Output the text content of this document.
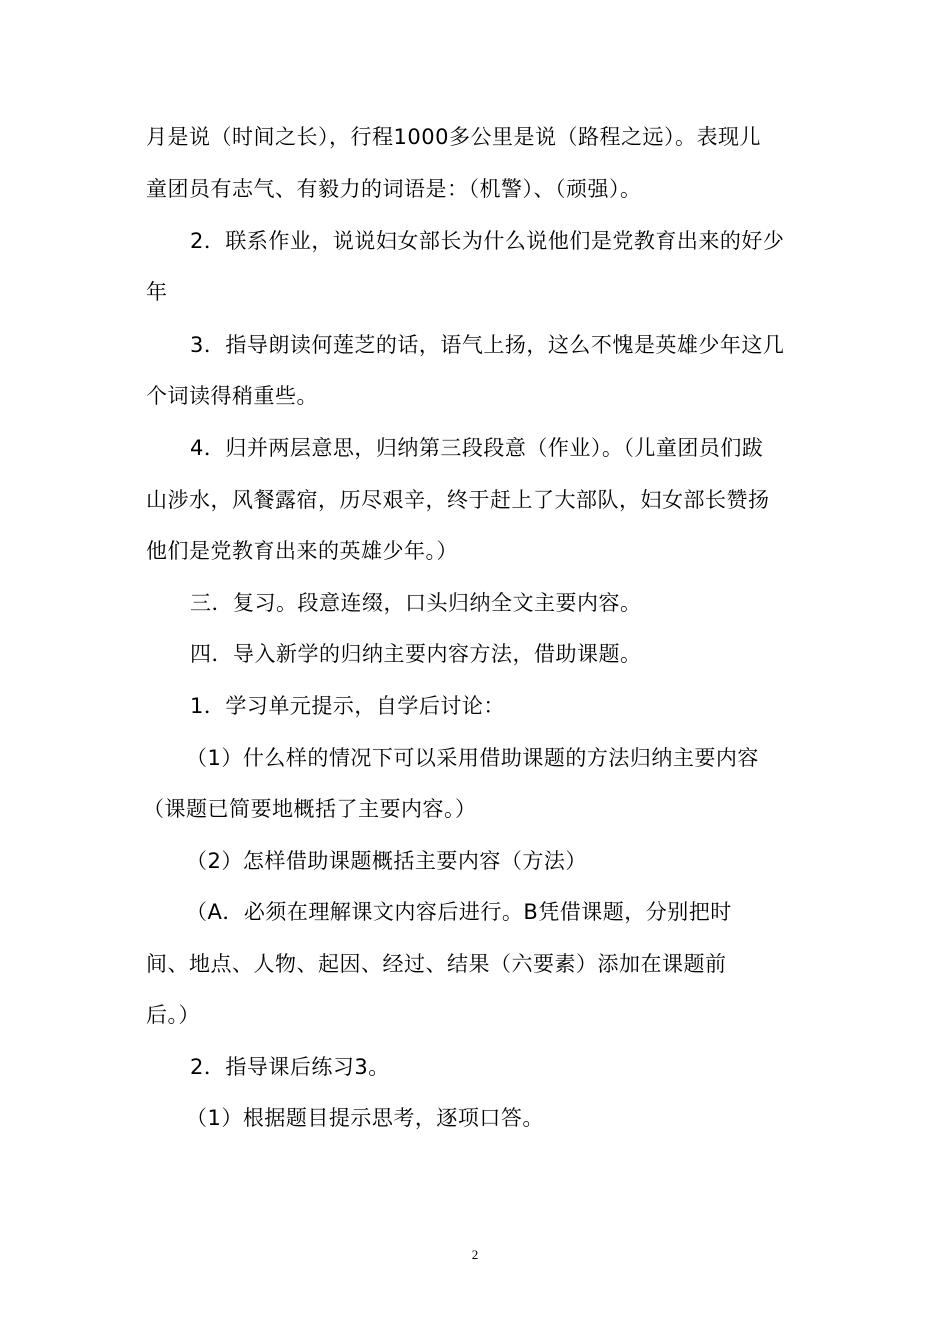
月是说（时间之长），行程1000多公里是说（路程之远）。表现儿
童团员有志气、有毅力的词语是：（机警）、（顽强）。
2．联系作业，说说妇女部长为什么说他们是党教育出来的好少
年
3．指导朗读何莲芝的话，语气上扬，这么不愧是英雄少年这几
个词读得稍重些。
4．归并两层意思，归纳第三段段意（作业）。（儿童团员们跋
山涉水，风餐露宿，历尽艰辛，终于赶上了大部队，妇女部长赞扬
他们是党教育出来的英雄少年。）
三．复习。段意连缀，口头归纳全文主要内容。
四．导入新学的归纳主要内容方法，借助课题。
1．学习单元提示，自学后讨论：
（1）什么样的情况下可以采用借助课题的方法归纳主要内容
（课题已简要地概括了主要内容。）
（2）怎样借助课题概括主要内容（方法）
（A．必须在理解课文内容后进行。B凭借课题，分别把时
间、地点、人物、起因、经过、结果（六要素）添加在课题前
后。）
2．指导课后练习3。
（1）根据题目提示思考，逐项口答。
2
